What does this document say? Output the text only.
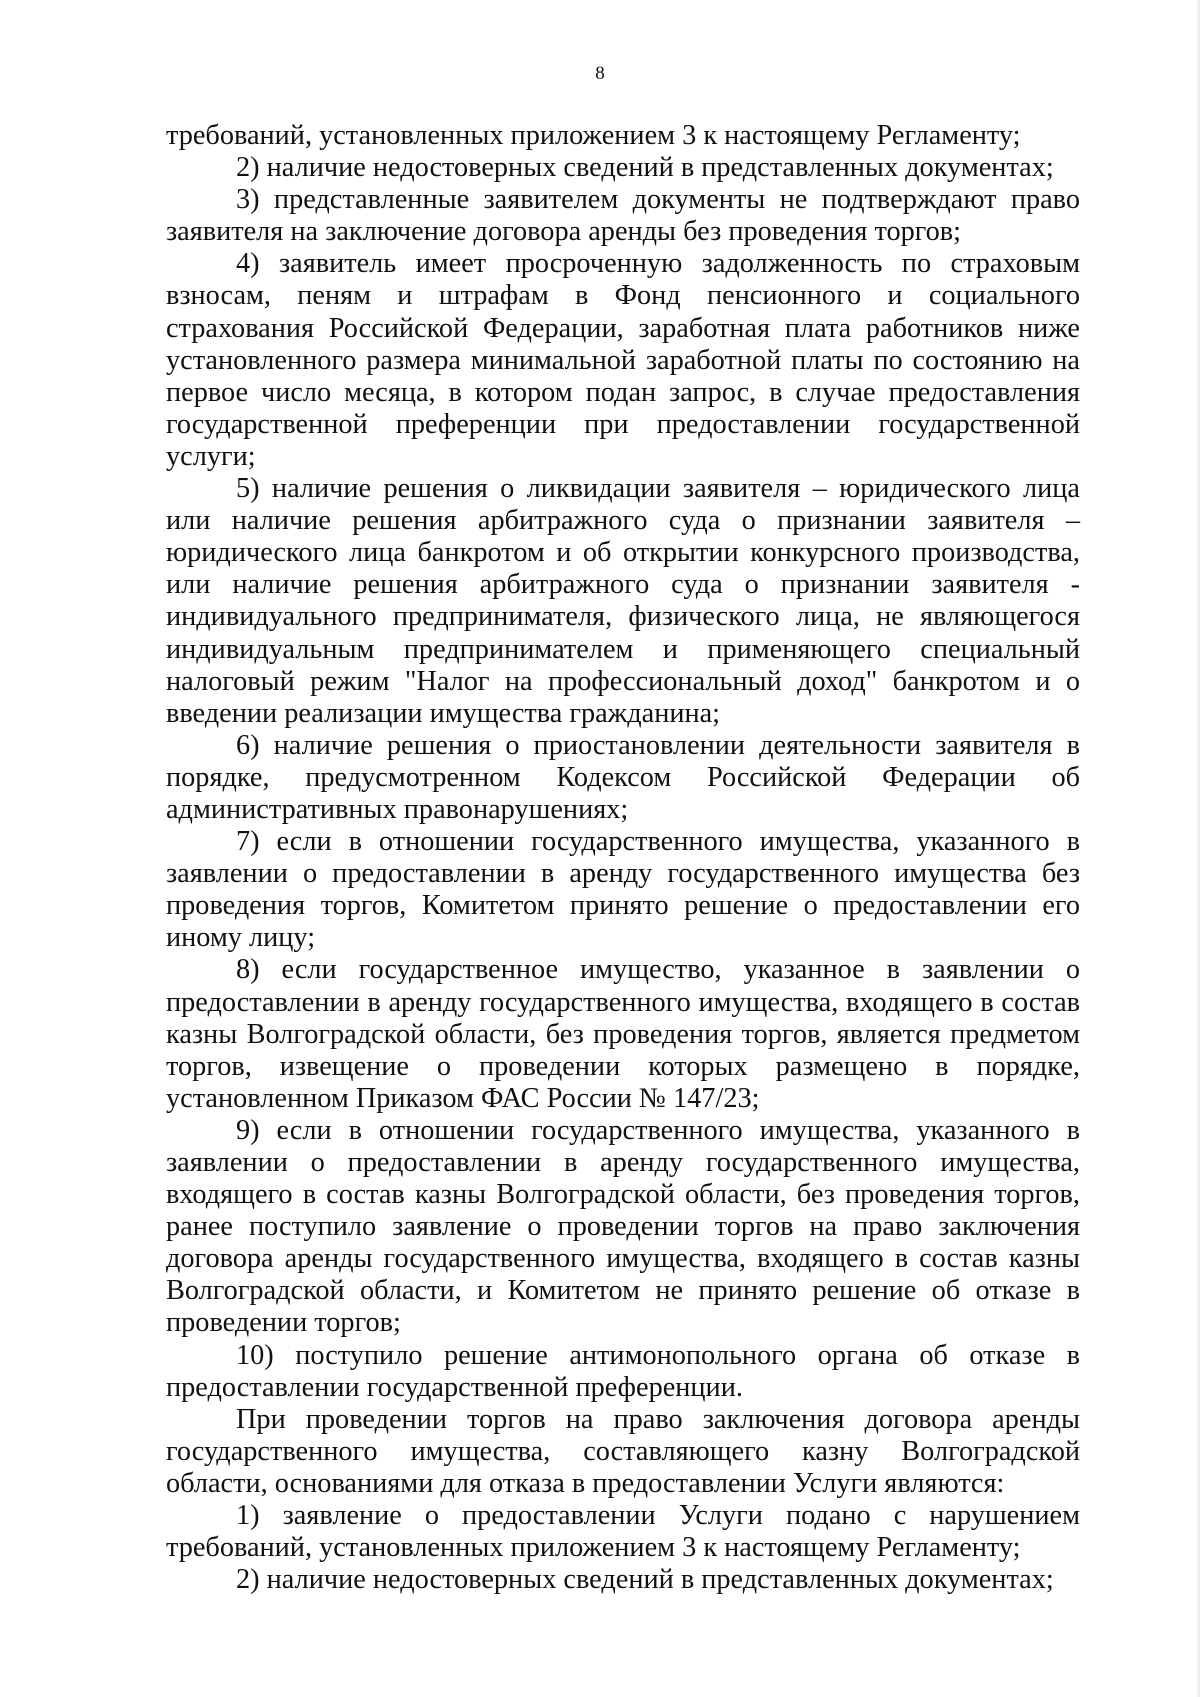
8

требований, установленных приложением 3 к настоящему Регламенту;

2) наличие недостоверных сведений в представленных документах;

3) представленные заявителем документы не подтверждают право заявителя на заключение договора аренды без проведения торгов;

4) заявитель имеет просроченную задолженность по страховым взносам, пеням и штрафам в Фонд пенсионного и социального страхования Российской Федерации, заработная плата работников ниже установленного размера минимальной заработной платы по состоянию на первое число месяца, в котором подан запрос, в случае предоставления государственной преференции при предоставлении государственной услуги;

5) наличие решения о ликвидации заявителя – юридического лица или наличие решения арбитражного суда о признании заявителя – юридического лица банкротом и об открытии конкурсного производства, или наличие решения арбитражного суда о признании заявителя - индивидуального предпринимателя, физического лица, не являющегося индивидуальным предпринимателем и применяющего специальный налоговый режим "Налог на профессиональный доход" банкротом и о введении реализации имущества гражданина;

6) наличие решения о приостановлении деятельности заявителя в порядке, предусмотренном Кодексом Российской Федерации об административных правонарушениях;

7) если в отношении государственного имущества, указанного в заявлении о предоставлении в аренду государственного имущества без проведения торгов, Комитетом принято решение о предоставлении его иному лицу;

8) если государственное имущество, указанное в заявлении о предоставлении в аренду государственного имущества, входящего в состав казны Волгоградской области, без проведения торгов, является предметом торгов, извещение о проведении которых размещено в порядке, установленном Приказом ФАС России № 147/23;

9) если в отношении государственного имущества, указанного в заявлении о предоставлении в аренду государственного имущества, входящего в состав казны Волгоградской области, без проведения торгов, ранее поступило заявление о проведении торгов на право заключения договора аренды государственного имущества, входящего в состав казны Волгоградской области, и Комитетом не принято решение об отказе в проведении торгов;

10) поступило решение антимонопольного органа об отказе в предоставлении государственной преференции.

При проведении торгов на право заключения договора аренды государственного имущества, составляющего казну Волгоградской области, основаниями для отказа в предоставлении Услуги являются:

1) заявление о предоставлении Услуги подано с нарушением требований, установленных приложением 3 к настоящему Регламенту;

2) наличие недостоверных сведений в представленных документах;
